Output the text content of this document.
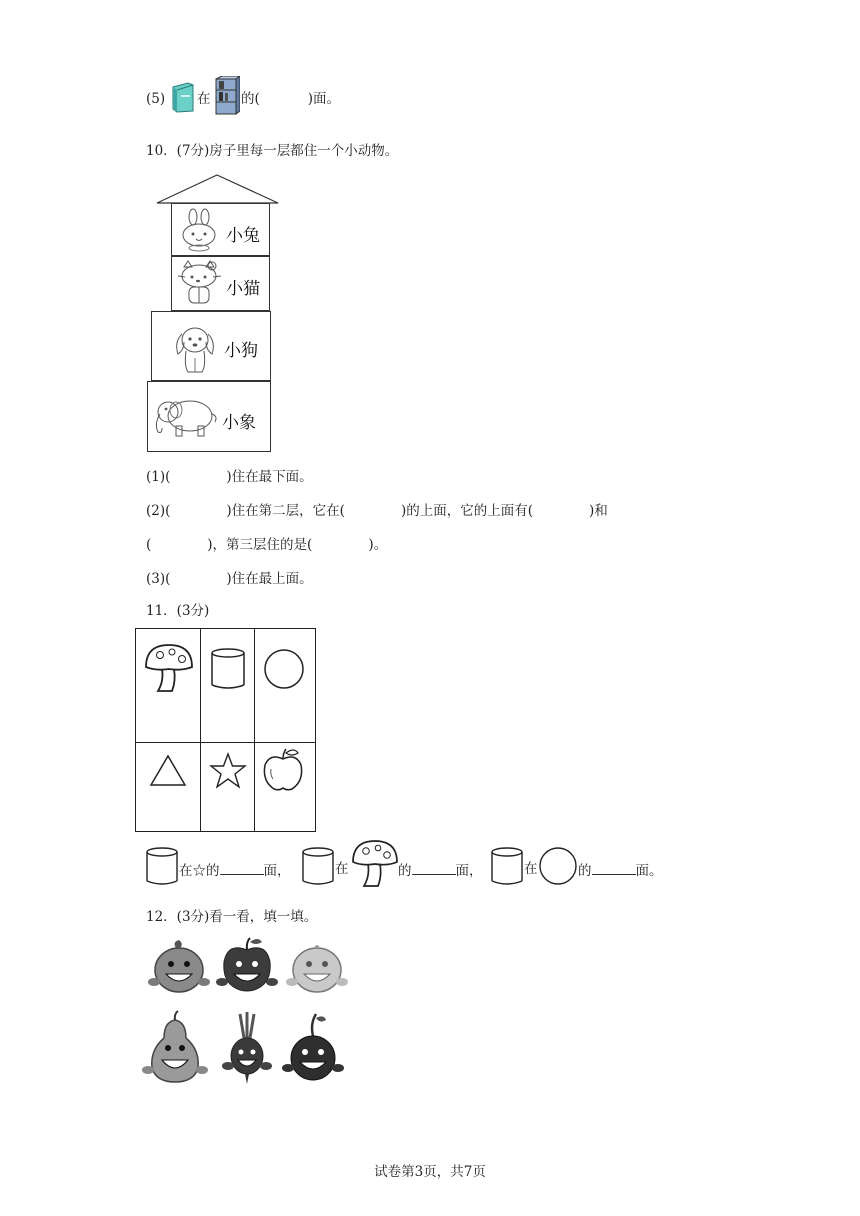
(5) 在 的(	)面。
10．(7分)房子里每一层都住一个小动物。
小兔
小猫
小狗
小象
(1)(	)住在最下面。
(2)(	)住在第二层，它在(	)的上面，它的上面有(	)和
(	)，第三层住的是(	)。
(3)(	)住在最上面。
11．(3分)
在☆的	面，	在	的	面，	在	的	面。
12．(3分)看一看，填一填。
试卷第3页，共7页
